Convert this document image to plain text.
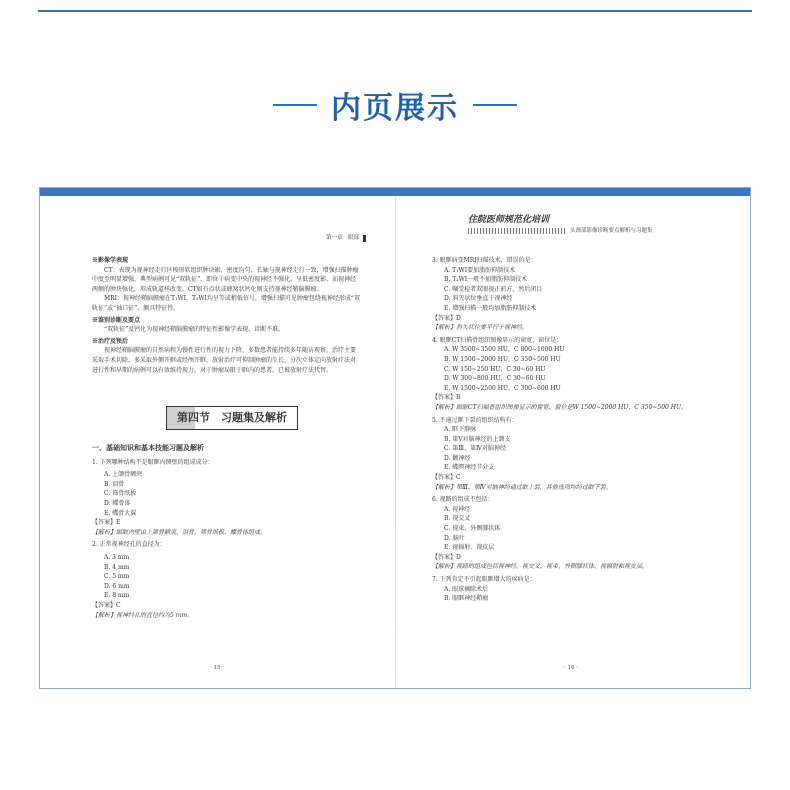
内页展示
第一章　眼部

※影像学表现

CT：表现为视神经走行区梭形软组织肿块影，密度均匀，长轴与视神经走行一致，增强扫描肿瘤中度至明显增强，典型病例可见“双轨征”，即位于病变中央的视神经不强化，呈低密度影，而视神经两侧的肿块强化，形成轨道样改变。CT如有点状或蜂窝状钙化则支持视神经鞘脑膜瘤。

MRI：视神经鞘脑膜瘤在T₁WI、T₂WI均呈等或稍低信号，增强扫描可见肿瘤包绕视神经形成“双轨征”或“袖口征”，颇具特征性。

※鉴别诊断及要点

“双轨征”及钙化为视神经鞘脑膜瘤的特征性影像学表现，诊断不难。

※治疗及预后

视神经鞘脑膜瘤的自然病程为慢性进行性的视力下降，多数患者能持续多年随访观察，治疗主要采取手术切除，多采取外侧开眶或经颅开眶，放射治疗可抑制肿瘤的生长，分次立体定向放射疗法对进行性和早期的病例可以有效维持视力，对于肿瘤局限于眶内的患者，已被放射疗法代替。

第四节　习题集及解析

一、基础知识和基本技能习题及解析

1. 下列哪种结构不是眼眶内侧壁的组成成分：

A. 上颌骨额突

B. 泪骨

C. 筛骨纸板

D. 蝶骨体

E. 蝶骨大翼

【答案】E

【解析】眼眶内壁由上颌骨额突、泪骨、筛骨纸板、蝶骨体组成。

2. 正常视神经孔的直径为：

A. 3 mm

B. 4 mm

C. 5 mm

D. 6 mm

E. 8 mm

【答案】C

【解析】视神经孔的直径约为5 mm。

· 15 ·
住院医师规范化培训
头颈部影像诊断要点解析与习题集

3. 眼眶病变MRI扫描技术，错误的是：

A. T₁WI要加脂肪抑制技术

B. T₂WI一般不加脂肪抑制技术

C. 嘱受检者双眼视正前方，然后闭目

D. 斜矢状位垂直于视神经

E. 增强扫描一般均加脂肪抑制技术

【答案】D

【解析】斜矢状位要平行于视神经。

4. 眼眶CT扫描骨组织图像显示的窗宽、窗位是：

A. W 3500~3500 HU，C 800~1000 HU

B. W 1500~2000 HU，C 350~500 HU

C. W 150~250 HU，C 30~60 HU

D. W 300~800 HU，C 30~60 HU

E. W 1500~2500 HU，C 300~600 HU

【答案】B

【解析】眼眶CT扫描骨组织图像显示的窗宽、窗位是W 1500~2000 HU，C 350~500 HU。

5. 不通过眶下裂的组织结构有：

A. 眶下静脉

B. 第Ⅴ对脑神经的上颌支

C. 第Ⅲ、第Ⅳ对脑神经

D. 颧神经

E. 蝶腭神经节分支

【答案】C

【解析】第Ⅲ、第Ⅳ对脑神经通过眶上裂，其他选项均经过眶下裂。

6. 视路的组成不包括：

A. 视神经

B. 视交叉

C. 视束、外侧膝状体

D. 脑叶

E. 视辐射、视皮层

【答案】D

【解析】视路的组成包括视神经、视交叉、视束、外侧膝状体、视辐射和视皮层。

7. 下列肯定不引起眼眶增大的疾病是：

A. 眼球摘除术后

B. 眼眶神经鞘瘤

· 16 ·
